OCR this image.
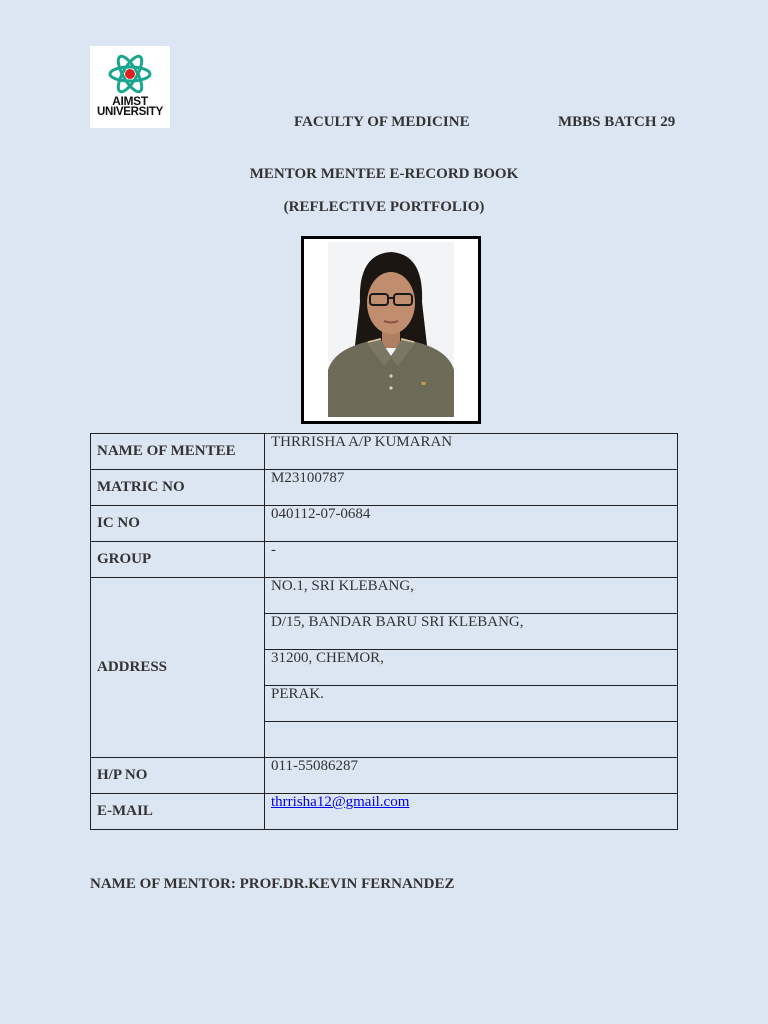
AIMST
UNIVERSITY
FACULTY OF MEDICINE	MBBS BATCH 29
MENTOR MENTEE E-RECORD BOOK
(REFLECTIVE PORTFOLIO)
NAME OF MENTEE	THRRISHA A/P KUMARAN
MATRIC NO	M23100787
IC NO	040112-07-0684
GROUP	-
ADDRESS	NO.1, SRI KLEBANG,
	D/15, BANDAR BARU SRI KLEBANG,
	31200, CHEMOR,
	PERAK.

H/P NO	011-55086287
E-MAIL	thrrisha12@gmail.com
NAME OF MENTOR: PROF.DR.KEVIN FERNANDEZ
